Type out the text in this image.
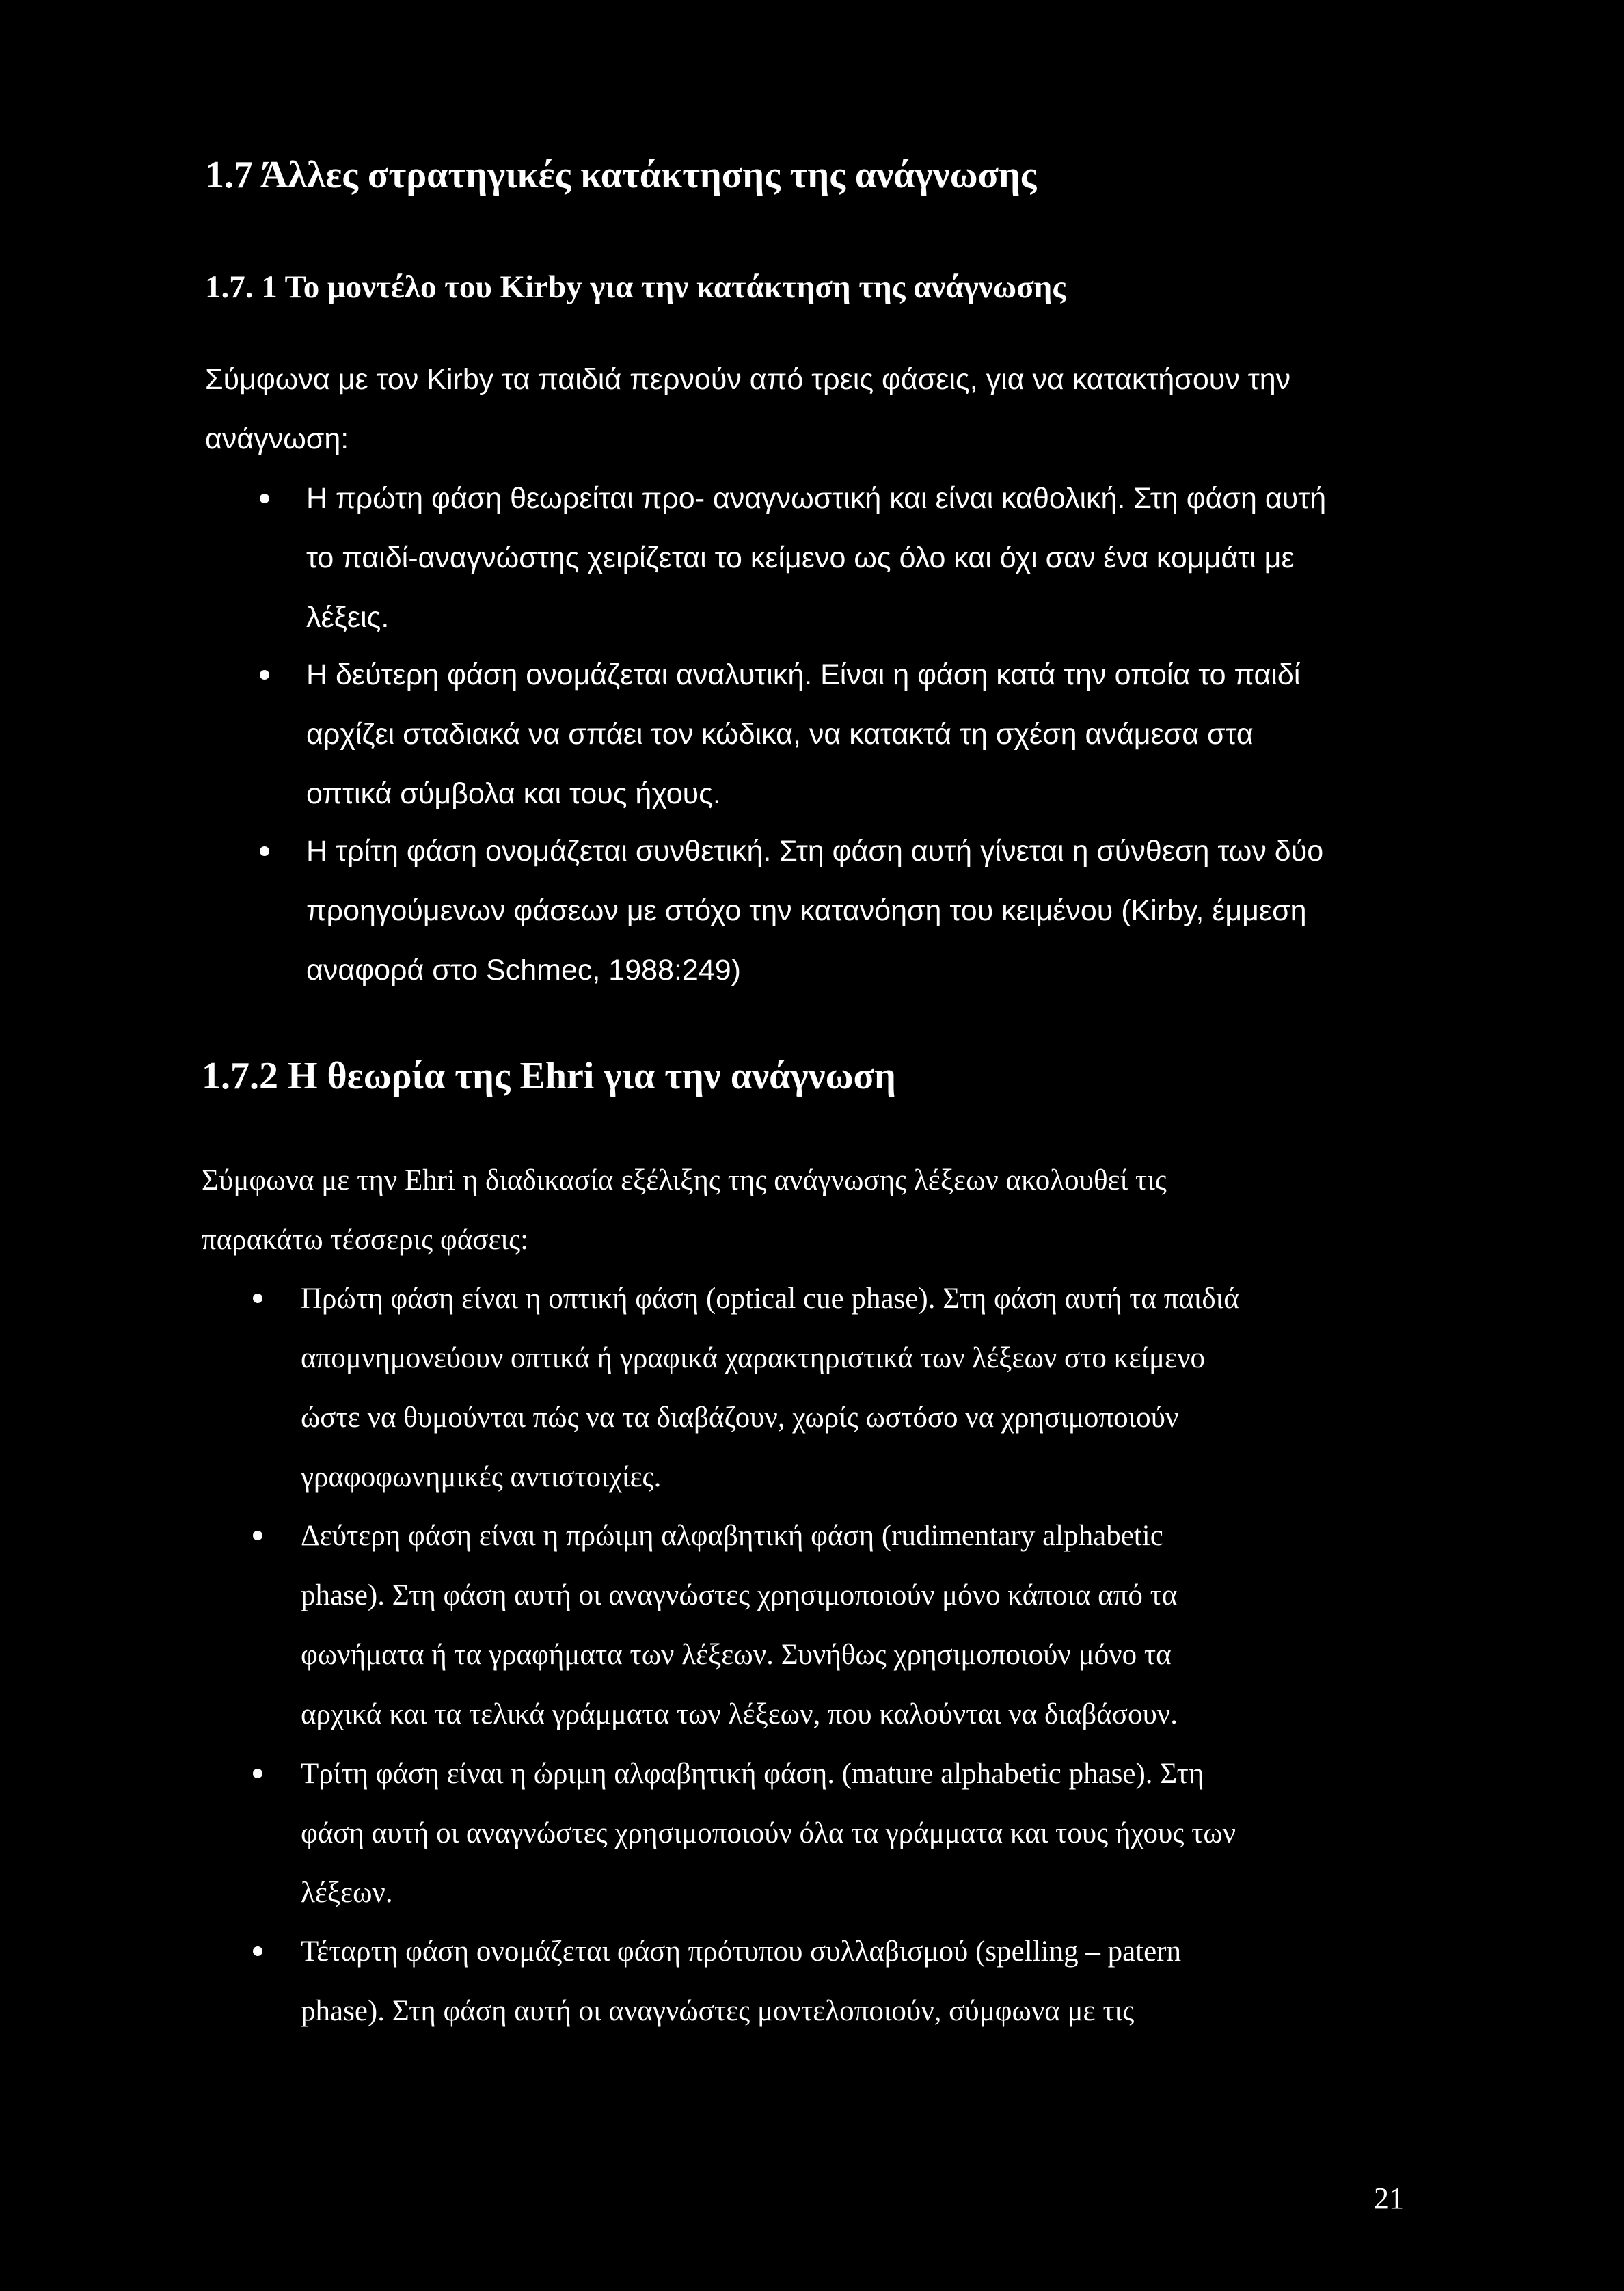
1.7 Άλλες στρατηγικές κατάκτησης της ανάγνωσης
1.7. 1 Το μοντέλο του Kirby για την κατάκτηση της ανάγνωσης
Σύμφωνα με τον Kirby τα παιδιά περνούν από τρεις φάσεις, για να κατακτήσουν την
ανάγνωση:
Η πρώτη φάση θεωρείται προ- αναγνωστική και είναι καθολική. Στη φάση αυτή
το παιδί-αναγνώστης χειρίζεται το κείμενο ως όλο και όχι σαν ένα κομμάτι με
λέξεις.
Η δεύτερη φάση ονομάζεται αναλυτική. Είναι η φάση κατά την οποία το παιδί
αρχίζει σταδιακά να σπάει τον κώδικα, να κατακτά τη σχέση ανάμεσα στα
οπτικά σύμβολα και τους ήχους.
Η τρίτη φάση ονομάζεται συνθετική. Στη φάση αυτή γίνεται η σύνθεση των δύο
προηγούμενων φάσεων με στόχο την κατανόηση του κειμένου (Kirby, έμμεση
αναφορά στο Schmec, 1988:249)
1.7.2 Η θεωρία της Ehri για την ανάγνωση
Σύμφωνα με την Ehri η διαδικασία εξέλιξης της ανάγνωσης λέξεων ακολουθεί τις
παρακάτω τέσσερις φάσεις:
Πρώτη φάση είναι η οπτική φάση (optical cue phase). Στη φάση αυτή τα παιδιά
απομνημονεύουν οπτικά ή γραφικά χαρακτηριστικά των λέξεων στο κείμενο
ώστε να θυμούνται πώς να τα διαβάζουν, χωρίς ωστόσο να χρησιμοποιούν
γραφοφωνημικές αντιστοιχίες.
Δεύτερη φάση είναι η πρώιμη αλφαβητική φάση (rudimentary alphabetic
phase). Στη φάση αυτή οι αναγνώστες χρησιμοποιούν μόνο κάποια από τα
φωνήματα ή τα γραφήματα των λέξεων. Συνήθως χρησιμοποιούν μόνο τα
αρχικά και τα τελικά γράμματα των λέξεων, που καλούνται να διαβάσουν.
Τρίτη φάση είναι η ώριμη αλφαβητική φάση. (mature alphabetic phase). Στη
φάση αυτή οι αναγνώστες χρησιμοποιούν όλα τα γράμματα και τους ήχους των
λέξεων.
Τέταρτη φάση ονομάζεται φάση πρότυπου συλλαβισμού (spelling – patern
phase). Στη φάση αυτή οι αναγνώστες μοντελοποιούν, σύμφωνα με τις
21
